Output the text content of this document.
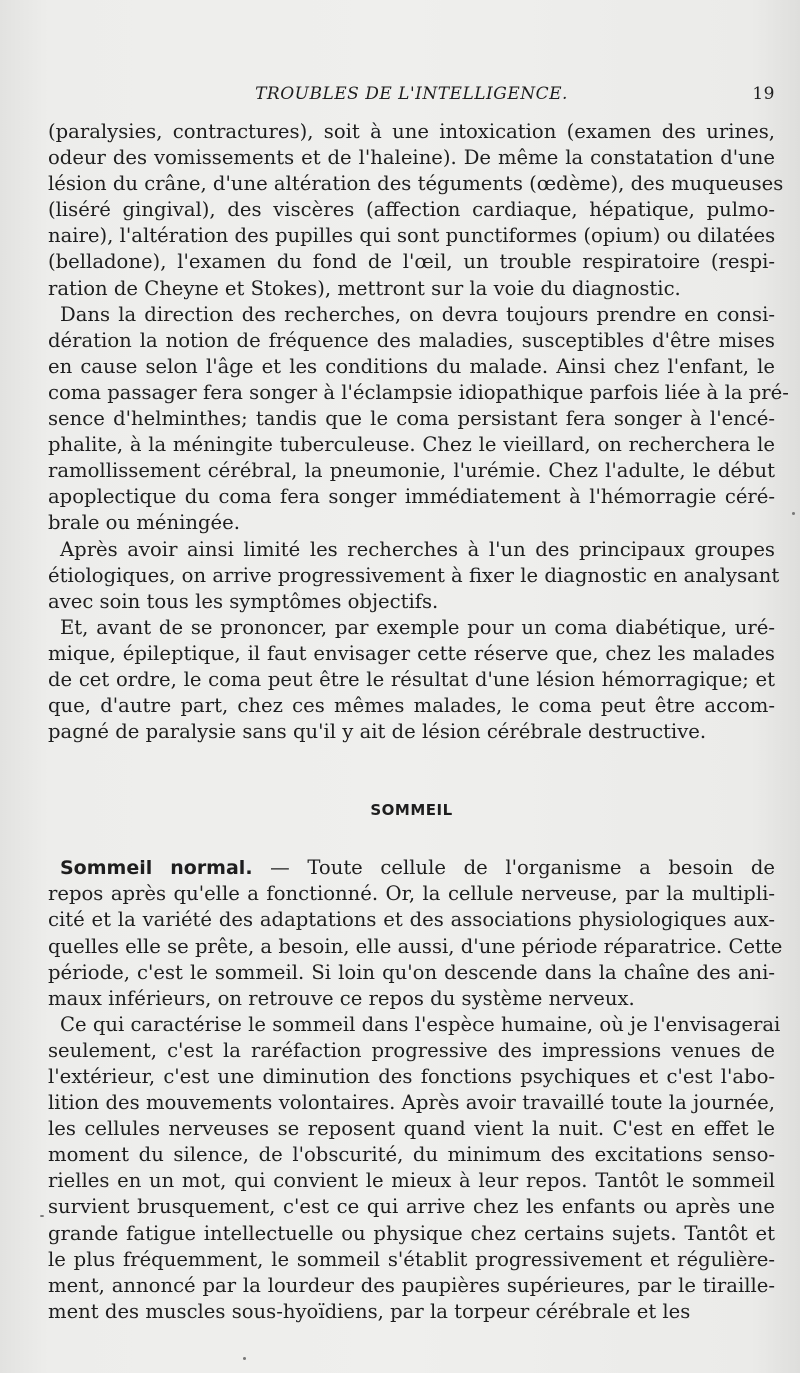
TROUBLES DE L'INTELLIGENCE.	19
(paralysies, contractures), soit à une intoxication (examen des urines,
odeur des vomissements et de l'haleine). De même la constatation d'une
lésion du crâne, d'une altération des téguments (œdème), des muqueuses
(liséré gingival), des viscères (affection cardiaque, hépatique, pulmo-
naire), l'altération des pupilles qui sont punctiformes (opium) ou dilatées
(belladone), l'examen du fond de l'œil, un trouble respiratoire (respi-
ration de Cheyne et Stokes), mettront sur la voie du diagnostic.
Dans la direction des recherches, on devra toujours prendre en consi-
dération la notion de fréquence des maladies, susceptibles d'être mises
en cause selon l'âge et les conditions du malade. Ainsi chez l'enfant, le
coma passager fera songer à l'éclampsie idiopathique parfois liée à la pré-
sence d'helminthes; tandis que le coma persistant fera songer à l'encé-
phalite, à la méningite tuberculeuse. Chez le vieillard, on recherchera le
ramollissement cérébral, la pneumonie, l'urémie. Chez l'adulte, le début
apoplectique du coma fera songer immédiatement à l'hémorragie céré-
brale ou méningée.
Après avoir ainsi limité les recherches à l'un des principaux groupes
étiologiques, on arrive progressivement à fixer le diagnostic en analysant
avec soin tous les symptômes objectifs.
Et, avant de se prononcer, par exemple pour un coma diabétique, uré-
mique, épileptique, il faut envisager cette réserve que, chez les malades
de cet ordre, le coma peut être le résultat d'une lésion hémorragique; et
que, d'autre part, chez ces mêmes malades, le coma peut être accom-
pagné de paralysie sans qu'il y ait de lésion cérébrale destructive.
SOMMEIL
Sommeil normal. — Toute cellule de l'organisme a besoin de
repos après qu'elle a fonctionné. Or, la cellule nerveuse, par la multipli-
cité et la variété des adaptations et des associations physiologiques aux-
quelles elle se prête, a besoin, elle aussi, d'une période réparatrice. Cette
période, c'est le sommeil. Si loin qu'on descende dans la chaîne des ani-
maux inférieurs, on retrouve ce repos du système nerveux.
Ce qui caractérise le sommeil dans l'espèce humaine, où je l'envisagerai
seulement, c'est la raréfaction progressive des impressions venues de
l'extérieur, c'est une diminution des fonctions psychiques et c'est l'abo-
lition des mouvements volontaires. Après avoir travaillé toute la journée,
les cellules nerveuses se reposent quand vient la nuit. C'est en effet le
moment du silence, de l'obscurité, du minimum des excitations senso-
rielles en un mot, qui convient le mieux à leur repos. Tantôt le sommeil
survient brusquement, c'est ce qui arrive chez les enfants ou après une
grande fatigue intellectuelle ou physique chez certains sujets. Tantôt et
le plus fréquemment, le sommeil s'établit progressivement et régulière-
ment, annoncé par la lourdeur des paupières supérieures, par le tiraille-
ment des muscles sous-hyoïdiens, par la torpeur cérébrale et les
